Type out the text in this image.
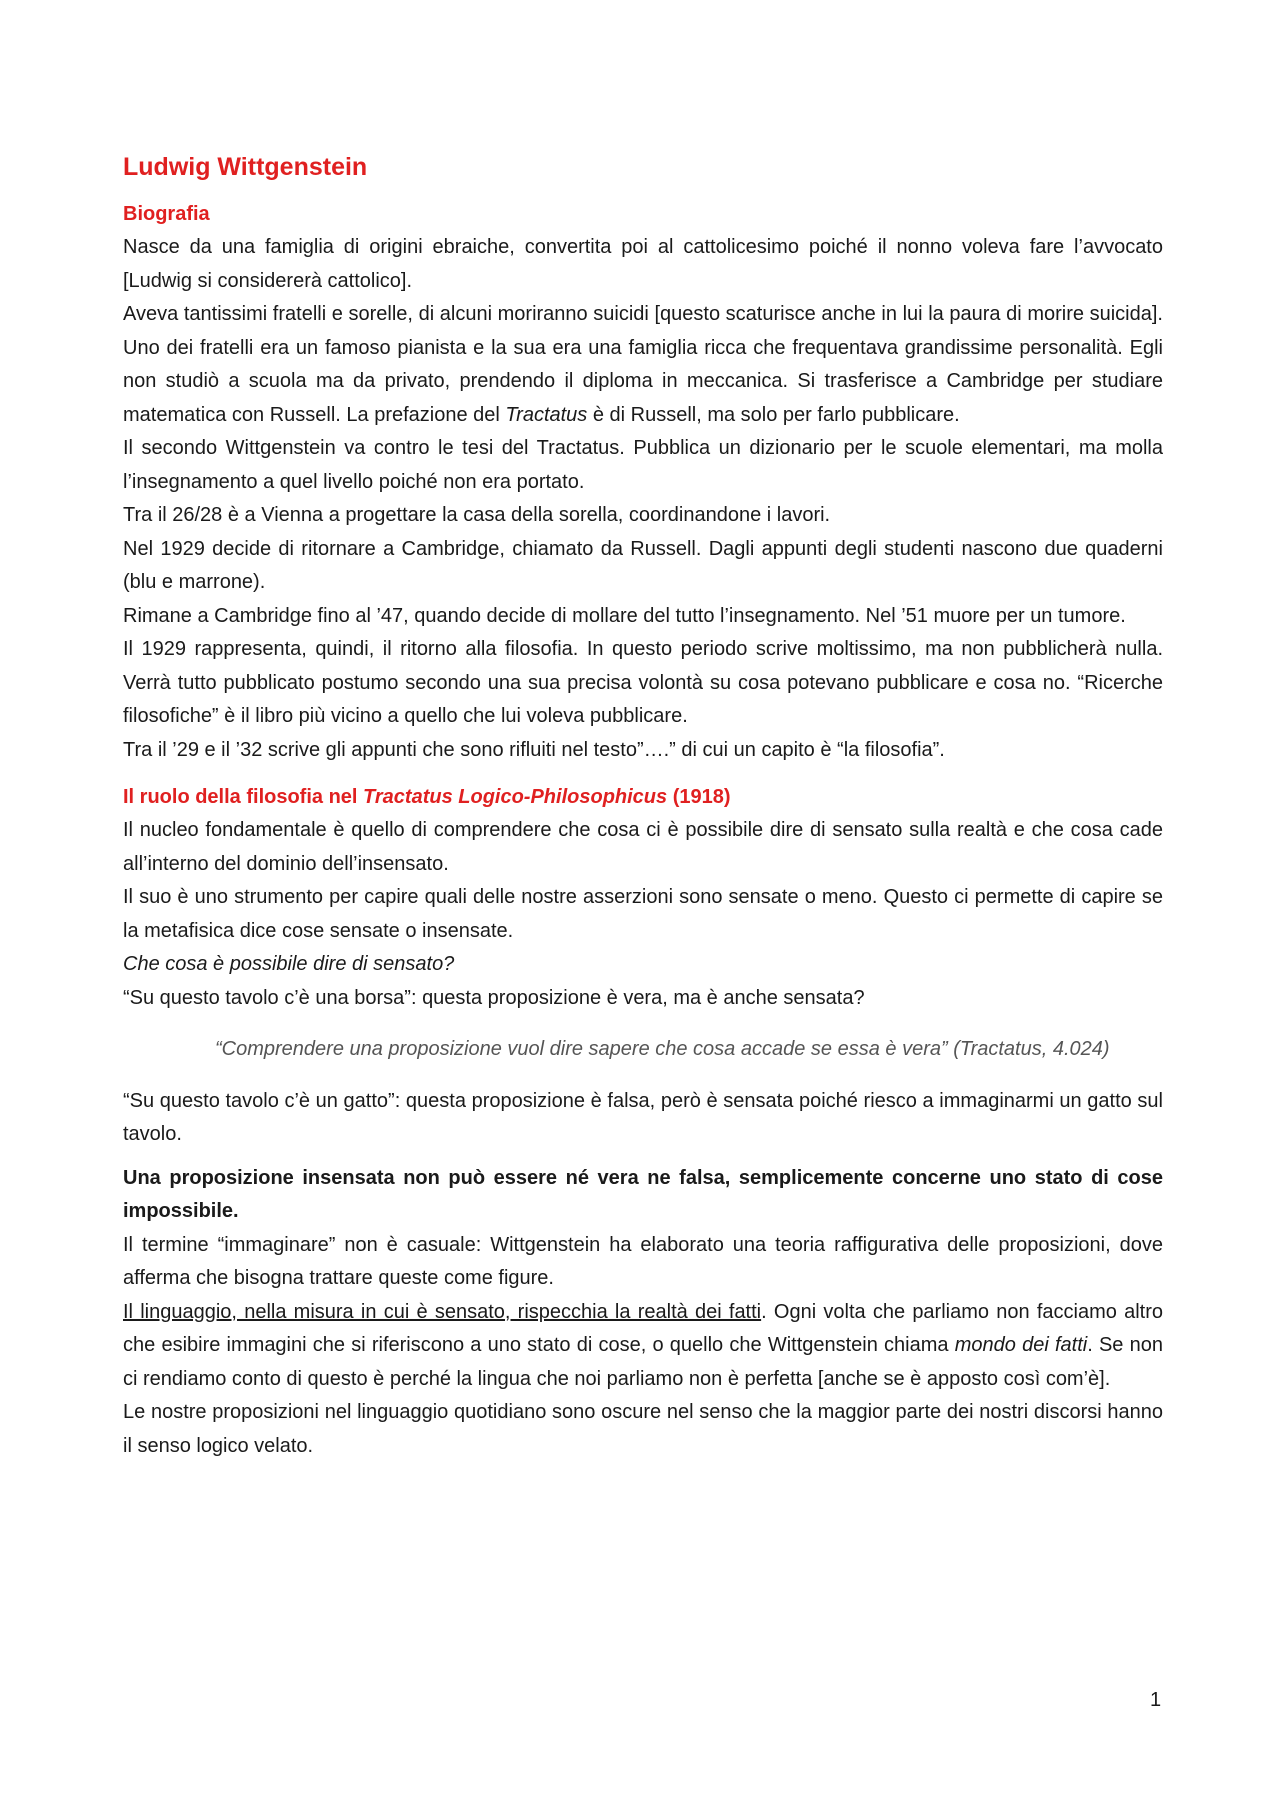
Ludwig Wittgenstein
Biografia

Nasce da una famiglia di origini ebraiche, convertita poi al cattolicesimo poiché il nonno voleva fare l’avvocato [Ludwig si considererà cattolico].

Aveva tantissimi fratelli e sorelle, di alcuni moriranno suicidi [questo scaturisce anche in lui la paura di morire suicida]. Uno dei fratelli era un famoso pianista e la sua era una famiglia ricca che frequentava grandissime personalità. Egli non studiò a scuola ma da privato, prendendo il diploma in meccanica. Si trasferisce a Cambridge per studiare matematica con Russell. La prefazione del Tractatus è di Russell, ma solo per farlo pubblicare.

Il secondo Wittgenstein va contro le tesi del Tractatus. Pubblica un dizionario per le scuole elementari, ma molla l’insegnamento a quel livello poiché non era portato.

Tra il 26/28 è a Vienna a progettare la casa della sorella, coordinandone i lavori.

Nel 1929 decide di ritornare a Cambridge, chiamato da Russell. Dagli appunti degli studenti nascono due quaderni (blu e marrone).

Rimane a Cambridge fino al ’47, quando decide di mollare del tutto l’insegnamento. Nel ’51 muore per un tumore.

Il 1929 rappresenta, quindi, il ritorno alla filosofia. In questo periodo scrive moltissimo, ma non pubblicherà nulla. Verrà tutto pubblicato postumo secondo una sua precisa volontà su cosa potevano pubblicare e cosa no. “Ricerche filosofiche” è il libro più vicino a quello che lui voleva pubblicare.

Tra il ’29 e il ’32 scrive gli appunti che sono rifluiti nel testo”….” di cui un capito è “la filosofia”.

Il ruolo della filosofia nel Tractatus Logico-Philosophicus (1918)

Il nucleo fondamentale è quello di comprendere che cosa ci è possibile dire di sensato sulla realtà e che cosa cade all’interno del dominio dell’insensato.

Il suo è uno strumento per capire quali delle nostre asserzioni sono sensate o meno. Questo ci permette di capire se la metafisica dice cose sensate o insensate.

Che cosa è possibile dire di sensato?

“Su questo tavolo c’è una borsa”: questa proposizione è vera, ma è anche sensata?

“Comprendere una proposizione vuol dire sapere che cosa accade se essa è vera” (Tractatus, 4.024)

“Su questo tavolo c’è un gatto”: questa proposizione è falsa, però è sensata poiché riesco a immaginarmi un gatto sul tavolo.

Una proposizione insensata non può essere né vera ne falsa, semplicemente concerne uno stato di cose impossibile.

Il termine “immaginare” non è casuale: Wittgenstein ha elaborato una teoria raffigurativa delle proposizioni, dove afferma che bisogna trattare queste come figure.

Il linguaggio, nella misura in cui è sensato, rispecchia la realtà dei fatti. Ogni volta che parliamo non facciamo altro che esibire immagini che si riferiscono a uno stato di cose, o quello che Wittgenstein chiama mondo dei fatti. Se non ci rendiamo conto di questo è perché la lingua che noi parliamo non è perfetta [anche se è apposto così com’è].

Le nostre proposizioni nel linguaggio quotidiano sono oscure nel senso che la maggior parte dei nostri discorsi hanno il senso logico velato.

1
